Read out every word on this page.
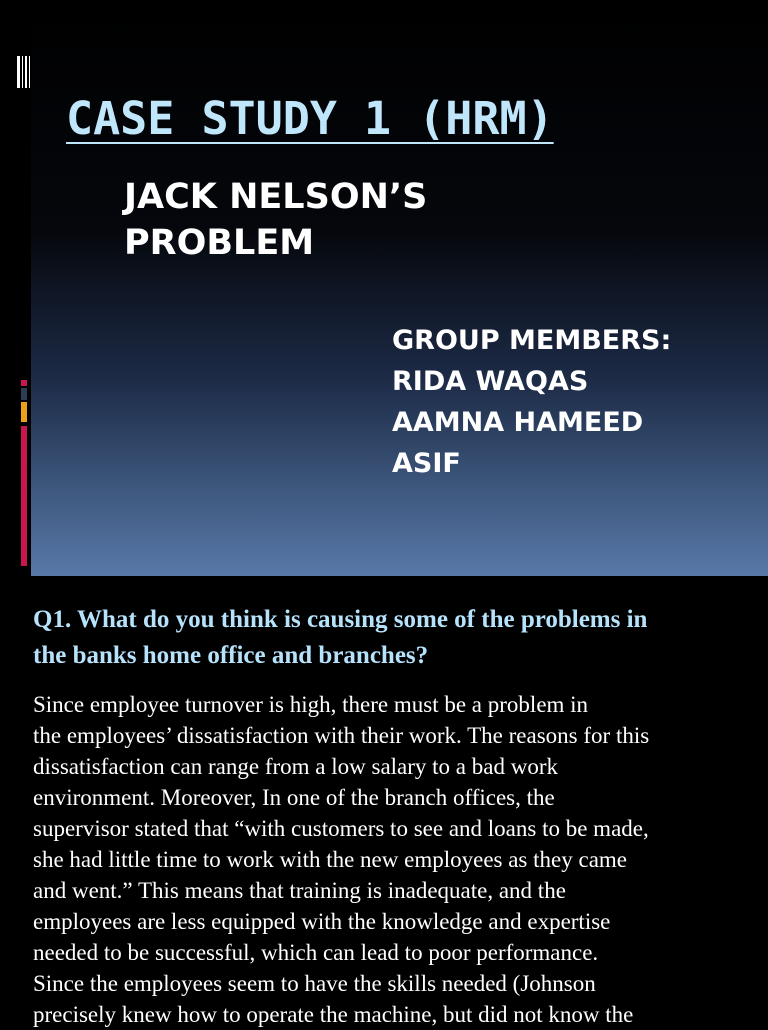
CASE STUDY 1 (HRM)
JACK NELSON’S
PROBLEM
GROUP MEMBERS:
RIDA WAQAS
AAMNA HAMEED
ASIF
Q1. What do you think is causing some of the problems in
the banks home office and branches?
Since employee turnover is high, there must be a problem in
the employees’ dissatisfaction with their work. The reasons for this
dissatisfaction can range from a low salary to a bad work
environment. Moreover, In one of the branch offices, the
supervisor stated that “with customers to see and loans to be made,
she had little time to work with the new employees as they came
and went.” This means that training is inadequate, and the
employees are less equipped with the knowledge and expertise
needed to be successful, which can lead to poor performance.
Since the employees seem to have the skills needed (Johnson
precisely knew how to operate the machine, but did not know the
